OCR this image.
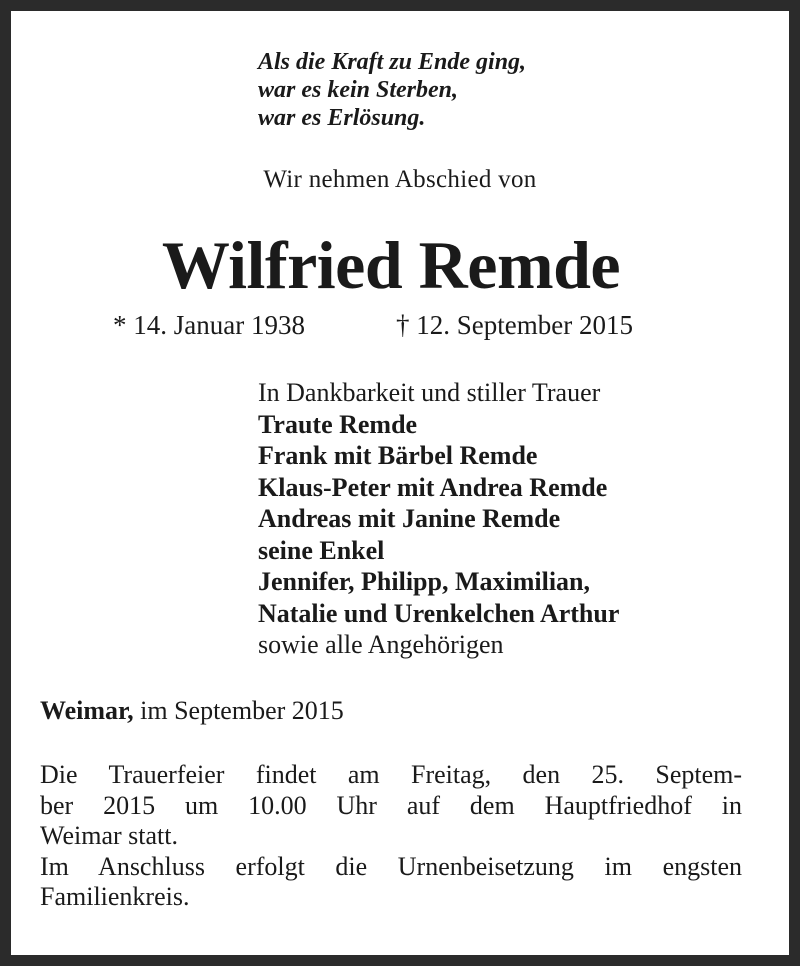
Als die Kraft zu Ende ging,
war es kein Sterben,
war es Erlösung.
Wir nehmen Abschied von
Wilfried Remde
* 14. Januar 1938	† 12. September 2015
In Dankbarkeit und stiller Trauer
Traute Remde
Frank mit Bärbel Remde
Klaus-Peter mit Andrea Remde
Andreas mit Janine Remde
seine Enkel
Jennifer, Philipp, Maximilian,
Natalie und Urenkelchen Arthur
sowie alle Angehörigen
Weimar, im September 2015
Die Trauerfeier findet am Freitag, den 25. Septem-
ber 2015 um 10.00 Uhr auf dem Hauptfriedhof in
Weimar statt.
Im Anschluss erfolgt die Urnenbeisetzung im engsten
Familienkreis.
